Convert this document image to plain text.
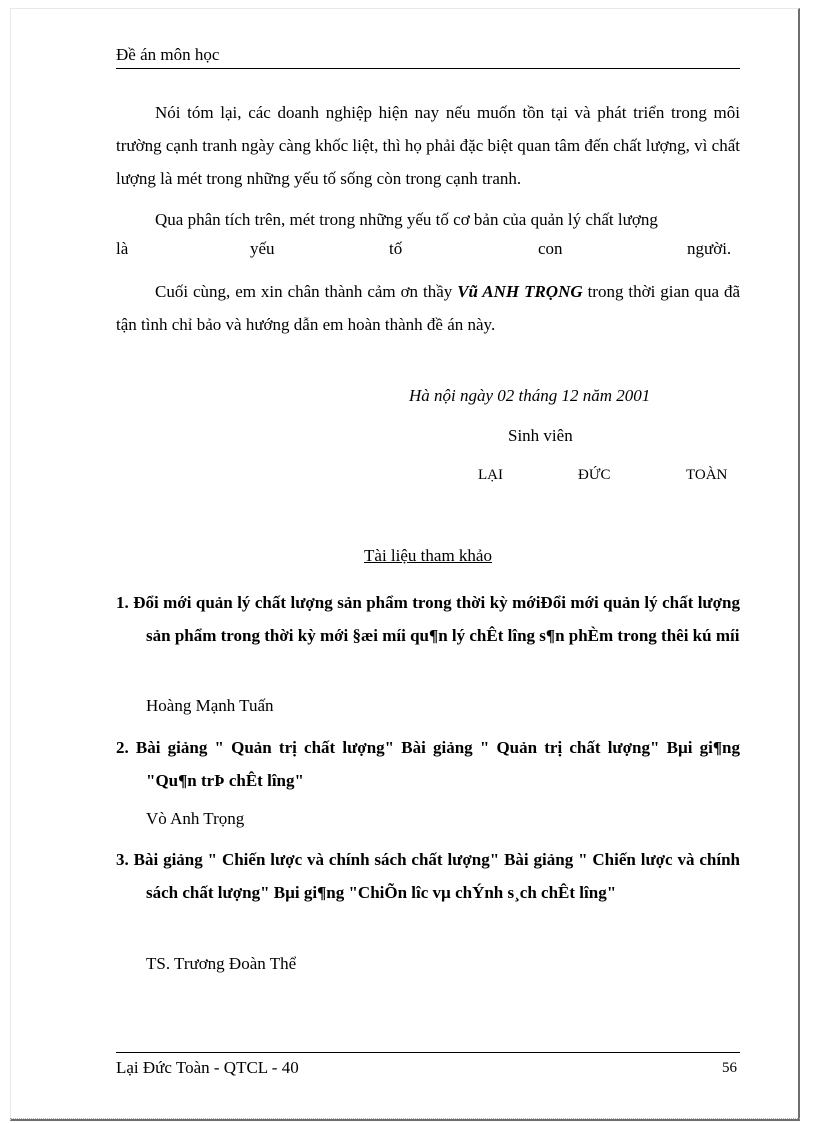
Đề án môn học

Nói tóm lại, các doanh nghiệp hiện nay nếu muốn tồn tại và phát triển trong môi trường cạnh tranh ngày càng khốc liệt, thì họ phải đặc biệt quan tâm đến chất lượng, vì chất lượng là mét trong những yếu tố sống còn trong cạnh tranh.

Qua phân tích trên, mét trong những yếu tố cơ bản của quản lý chất lượng

là	yếu	tố	con	người.

Cuối cùng, em xin chân thành cảm ơn thầy Vũ ANH TRỌNG trong thời gian qua đã tận tình chỉ bảo và hướng dẫn em hoàn thành đề án này.

Hà nội ngày 02 tháng 12 năm 2001
Sinh viên
LẠI	ĐỨC	TOÀN
Tài liệu tham khảo

1. Đổi mới quản lý chất lượng sản phẩm trong thời kỳ mớiĐổi mới quản lý chất lượng sản phẩm trong thời kỳ mới §æi míi qu¶n lý chÊt lîng s¶n phÈm trong thêi kú míi

Hoàng Mạnh Tuấn

2. Bài giảng " Quản trị chất lượng" Bài giảng " Quản trị chất lượng" Bµi gi¶ng "Qu¶n trÞ chÊt lîng"

Vò Anh Trọng

3. Bài giảng " Chiến lược và chính sách chất lượng" Bài giảng " Chiến lược và chính sách chất lượng" Bµi gi¶ng "ChiÕn lîc vµ chÝnh s¸ch chÊt lîng"

TS. Trương Đoàn Thể
Lại Đức Toàn - QTCL - 40	56
